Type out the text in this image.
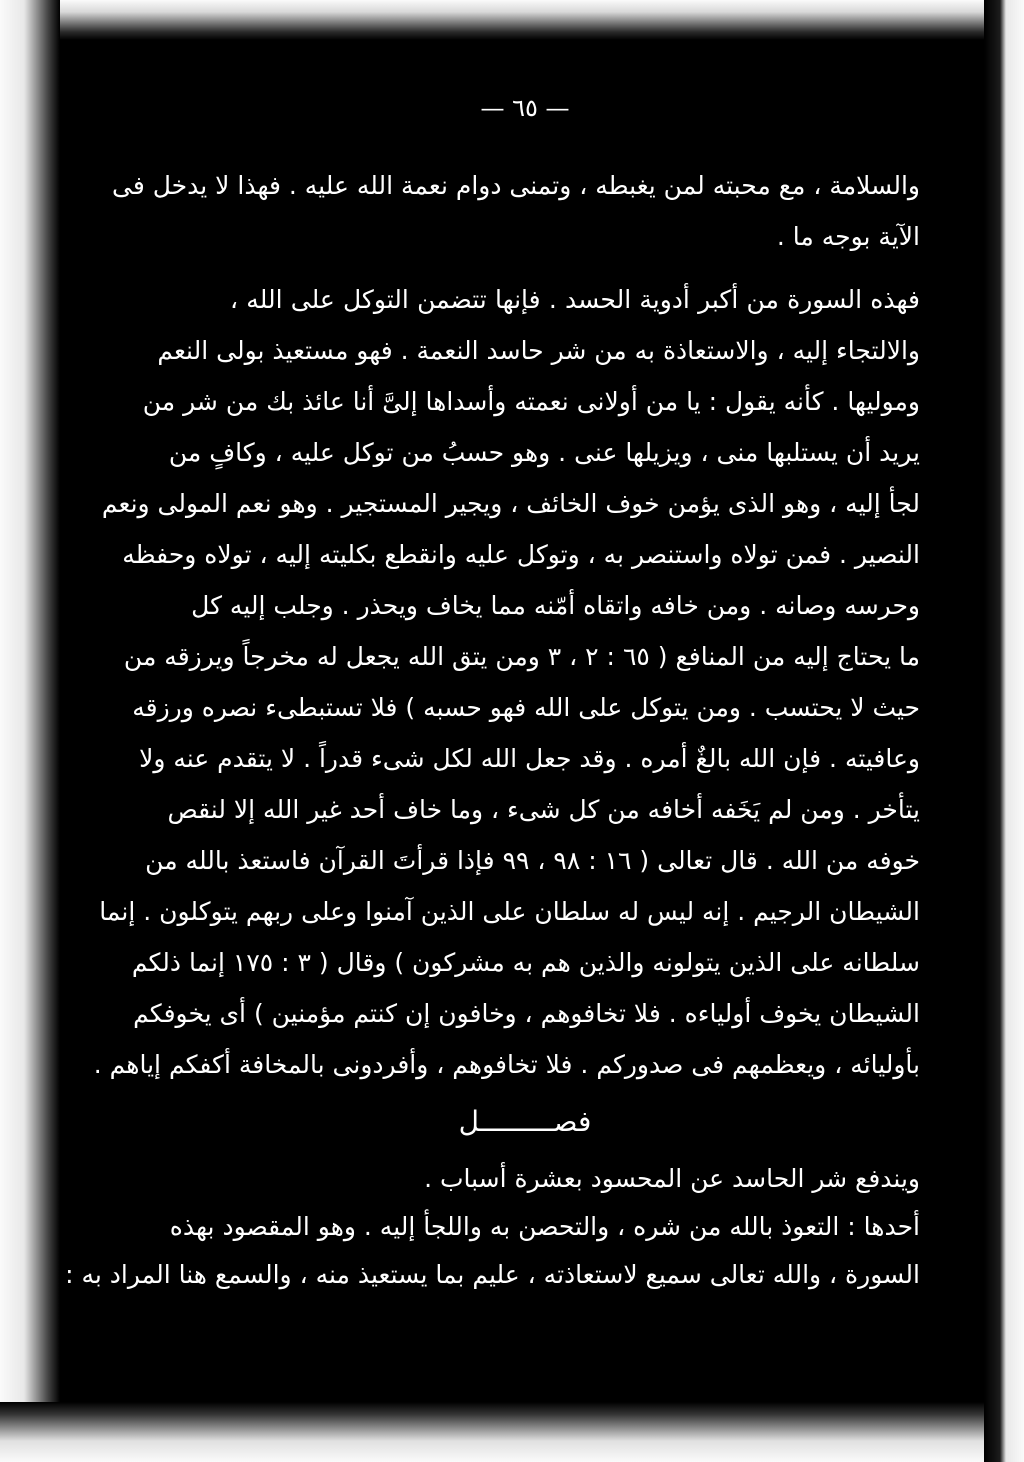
— ٦٥ —
والسلامة ، مع محبته لمن يغبطه ، وتمنى دوام نعمة الله عليه . فهذا لا يدخل فى
الآية بوجه ما .
فهذه السورة من أكبر أدوية الحسد . فإنها تتضمن التوكل على الله ،
والالتجاء إليه ، والاستعاذة به من شر حاسد النعمة . فهو مستعيذ بولى النعم
وموليها . كأنه يقول : يا من أولانى نعمته وأسداها إلىَّ أنا عائذ بك من شر من
يريد أن يستلبها منى ، ويزيلها عنى . وهو حسبُ من توكل عليه ، وكافٍ من
لجأ إليه ، وهو الذى يؤمن خوف الخائف ، ويجير المستجير . وهو نعم المولى ونعم
النصير . فمن تولاه واستنصر به ، وتوكل عليه وانقطع بكليته إليه ، تولاه وحفظه
وحرسه وصانه . ومن خافه واتقاه أمّنه مما يخاف ويحذر . وجلب إليه كل
ما يحتاج إليه من المنافع ( ٦٥ : ٢ ، ٣ ومن يتق الله يجعل له مخرجاً ويرزقه من
حيث لا يحتسب . ومن يتوكل على الله فهو حسبه ) فلا تستبطىء نصره ورزقه
وعافيته . فإن الله بالغٌ أمره . وقد جعل الله لكل شىء قدراً . لا يتقدم عنه ولا
يتأخر . ومن لم يَخَفه أخافه من كل شىء ، وما خاف أحد غير الله إلا لنقص
خوفه من الله . قال تعالى ( ١٦ : ٩٨ ، ٩٩ فإذا قرأتَ القرآن فاستعذ بالله من
الشيطان الرجيم . إنه ليس له سلطان على الذين آمنوا وعلى ربهم يتوكلون . إنما
سلطانه على الذين يتولونه والذين هم به مشركون ) وقال ( ٣ : ١٧٥ إنما ذلكم
الشيطان يخوف أولياءه . فلا تخافوهم ، وخافون إن كنتم مؤمنين ) أى يخوفكم
بأوليائه ، ويعظمهم فى صدوركم . فلا تخافوهم ، وأفردونى بالمخافة أكفكم إياهم .
فصـــــــــل
ويندفع شر الحاسد عن المحسود بعشرة أسباب .
أحدها : التعوذ بالله من شره ، والتحصن به واللجأ إليه . وهو المقصود بهذه
السورة ، والله تعالى سميع لاستعاذته ، عليم بما يستعيذ منه ، والسمع هنا المراد به :
